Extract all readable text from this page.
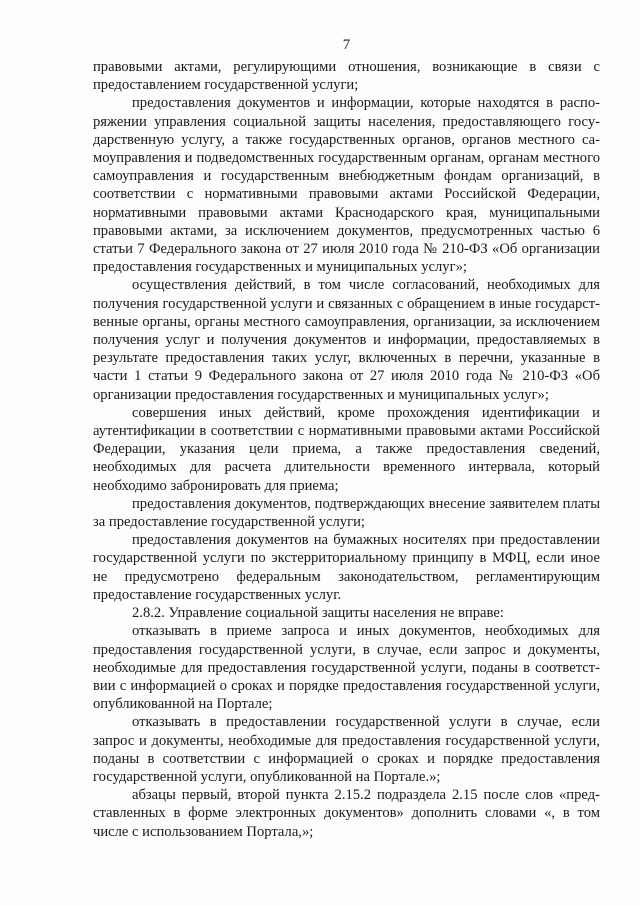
7

правовыми актами, регулирующими отношения, возникающие в связи с предоставлением государственной услуги;

предоставления документов и информации, которые находятся в распоряжении управления социальной защиты населения, предоставляющего государственную услугу, а также государственных органов, органов местного самоуправления и подведомственных государственным органам, органам местного самоуправления и государственным внебюджетным фондам организаций, в соответствии с нормативными правовыми актами Российской Федерации, нормативными правовыми актами Краснодарского края, муниципальными правовыми актами, за исключением документов, предусмотренных частью 6 статьи 7 Федерального закона от 27 июля 2010 года № 210-ФЗ «Об организации предоставления государственных и муниципальных услуг»;

осуществления действий, в том числе согласований, необходимых для получения государственной услуги и связанных с обращением в иные государственные органы, органы местного самоуправления, организации, за исключением получения услуг и получения документов и информации, предоставляемых в результате предоставления таких услуг, включенных в перечни, указанные в части 1 статьи 9 Федерального закона от 27 июля 2010 года № 210-ФЗ «Об организации предоставления государственных и муниципальных услуг»;

совершения иных действий, кроме прохождения идентификации и аутентификации в соответствии с нормативными правовыми актами Российской Федерации, указания цели приема, а также предоставления сведений, необходимых для расчета длительности временного интервала, который необходимо забронировать для приема;

предоставления документов, подтверждающих внесение заявителем платы за предоставление государственной услуги;

предоставления документов на бумажных носителях при предоставлении государственной услуги по экстерриториальному принципу в МФЦ, если иное не предусмотрено федеральным законодательством, регламентирующим предоставление государственных услуг.

2.8.2. Управление социальной защиты населения не вправе:

отказывать в приеме запроса и иных документов, необходимых для предоставления государственной услуги, в случае, если запрос и документы, необходимые для предоставления государственной услуги, поданы в соответствии с информацией о сроках и порядке предоставления государственной услуги, опубликованной на Портале;

отказывать в предоставлении государственной услуги в случае, если запрос и документы, необходимые для предоставления государственной услуги, поданы в соответствии с информацией о сроках и порядке предоставления государственной услуги, опубликованной на Портале.»;

абзацы первый, второй пункта 2.15.2 подраздела 2.15 после слов «представленных в форме электронных документов» дополнить словами «, в том числе с использованием Портала,»;
